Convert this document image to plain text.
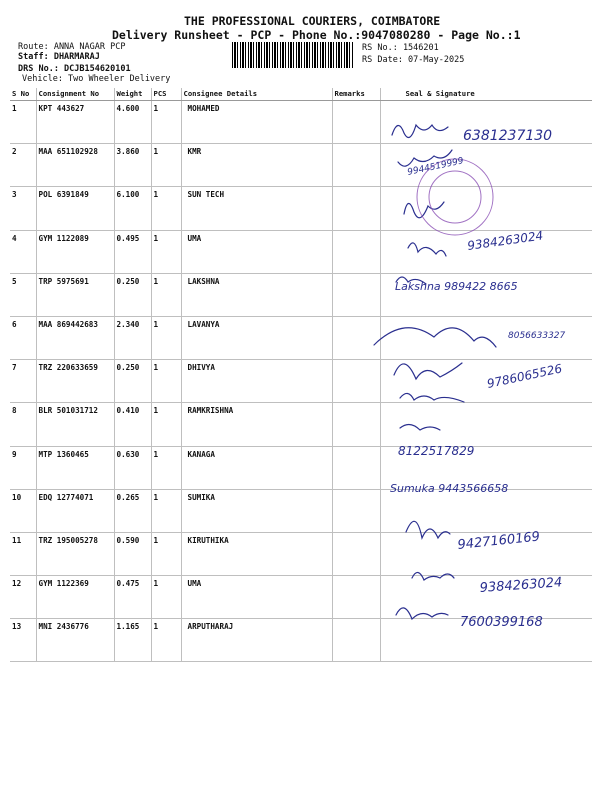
THE PROFESSIONAL COURIERS, COIMBATORE
Delivery Runsheet - PCP - Phone No.:9047080280 - Page No.:1
Route: ANNA NAGAR PCP
Staff: DHARMARAJ
DRS No.: DCJB154620101
Vehicle: Two Wheeler Delivery
RS No.: 1546201
RS Date: 07-May-2025
S No	Consignment No	Weight	PCS	Consignee Details	Remarks	Seal & Signature
1	KPT 443627	4.600	1	MOHAMED		
2	MAA 651102928	3.860	1	KMR		
3	POL 6391849	6.100	1	SUN TECH		
4	GYM 1122089	0.495	1	UMA		
5	TRP 5975691	0.250	1	LAKSHNA		
6	MAA 869442683	2.340	1	LAVANYA		
7	TRZ 220633659	0.250	1	DHIVYA		
8	BLR 501031712	0.410	1	RAMKRISHNA		
9	MTP 1360465	0.630	1	KANAGA		
10	EDQ 12774071	0.265	1	SUMIKA		
11	TRZ 195005278	0.590	1	KIRUTHIKA		
12	GYM 1122369	0.475	1	UMA		
13	MNI 2436776	1.165	1	ARPUTHARAJ		
6381237130
9944519999
9384263024
Lakshna 989422 8665
8056633327
9786065526
8122517829
Sumuka 9443566658
9427160169
9384263024
7600399168
